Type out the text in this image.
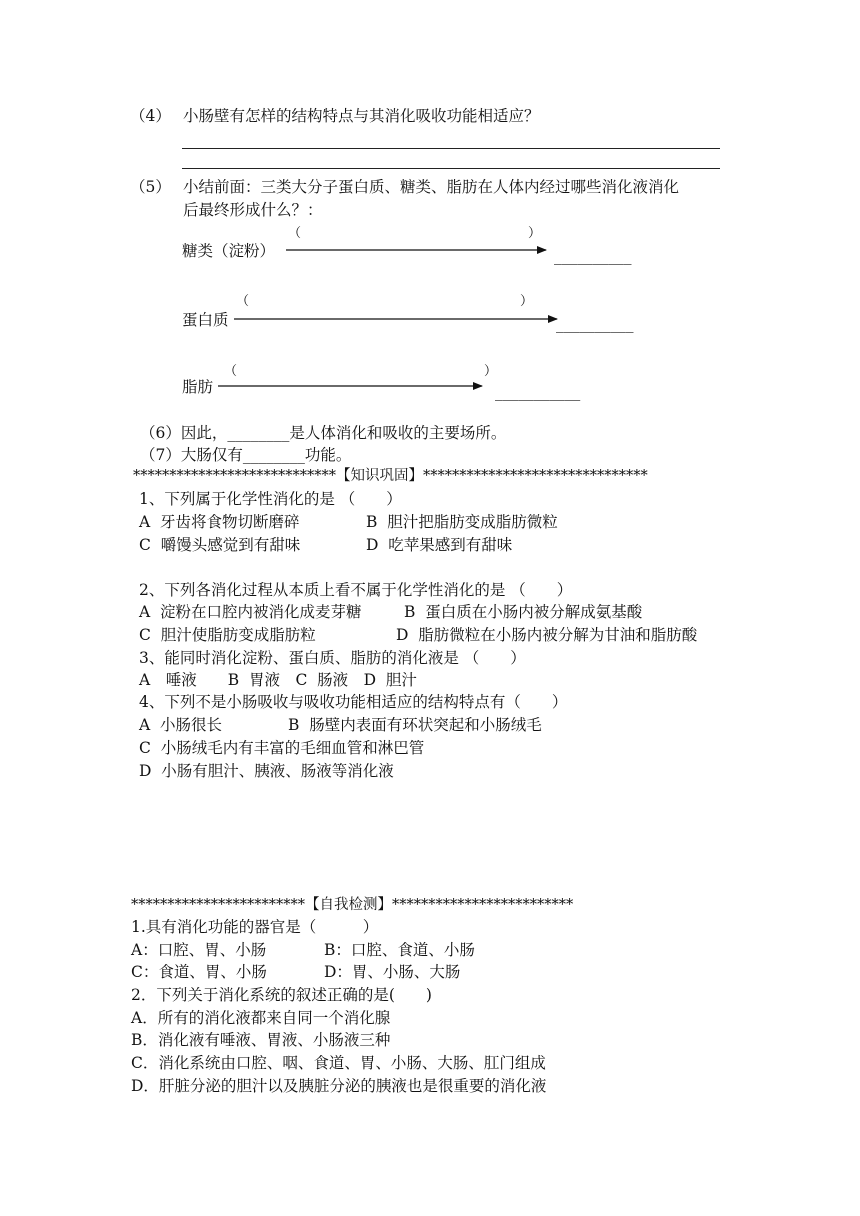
（4） 小肠壁有怎样的结构特点与其消化吸收功能相适应？
（5） 小结前面：三类大分子蛋白质、糖类、脂肪在人体内经过哪些消化液消化
后最终形成什么？：
糖类（淀粉）
（	）
__________
蛋白质
（	）
__________
脂肪
（	）
___________
（6）因此，________是人体消化和吸收的主要场所。
（7）大肠仅有________功能。
****************************【知识巩固】*******************************
1、下列属于化学性消化的是 （　　）
A  牙齿将食物切断磨碎	B  胆汁把脂肪变成脂肪微粒
C  嚼馒头感觉到有甜味	D  吃苹果感到有甜味
2、下列各消化过程从本质上看不属于化学性消化的是 （　　）
A  淀粉在口腔内被消化成麦芽糖	B  蛋白质在小肠内被分解成氨基酸
C  胆汁使脂肪变成脂肪粒	D  脂肪微粒在小肠内被分解为甘油和脂肪酸
3、能同时消化淀粉、蛋白质、脂肪的消化液是 （　　）
A　唾液　　B  胃液　C  肠液　D  胆汁
4、下列不是小肠吸收与吸收功能相适应的结构特点有（　　）
A  小肠很长	B  肠壁内表面有环状突起和小肠绒毛
C  小肠绒毛内有丰富的毛细血管和淋巴管
D  小肠有胆汁、胰液、肠液等消化液
************************【自我检测】*************************
1.具有消化功能的器官是（　　　）
A：口腔、胃、小肠	B：口腔、食道、小肠
C：食道、胃、小肠	D：胃、小肠、大肠
2．下列关于消化系统的叙述正确的是(　　)
A．所有的消化液都来自同一个消化腺
B．消化液有唾液、胃液、小肠液三种
C．消化系统由口腔、咽、食道、胃、小肠、大肠、肛门组成
D．肝脏分泌的胆汁以及胰脏分泌的胰液也是很重要的消化液
